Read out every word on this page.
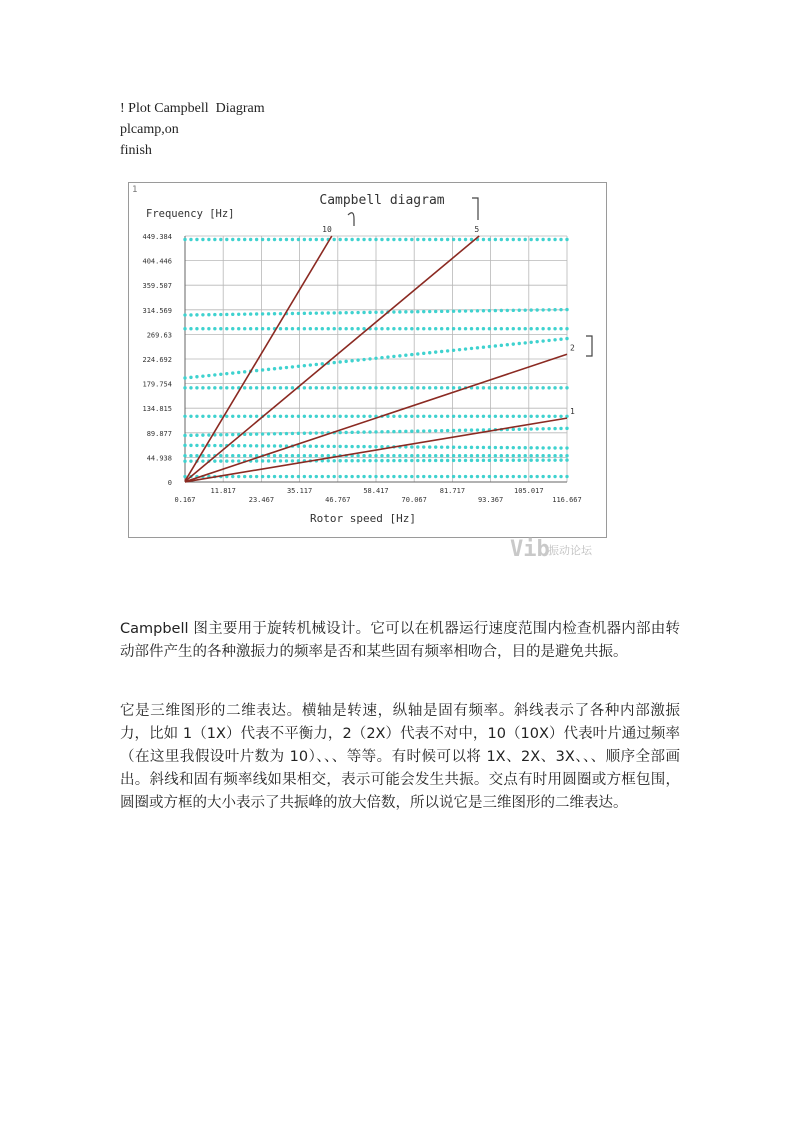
! Plot Campbell  Diagram
plcamp,on
finish
1
Campbell diagram
Frequency [Hz]
Rotor speed [Hz]
1
2
5
10
0
44.938
89.877
134.815
179.754
224.692
269.63
314.569
359.507
404.446
449.384
0.167
11.817
23.467
35.117
46.767
58.417
70.067
81.717
93.367
105.017
116.667
Vib
振动论坛
Campbell 图主要用于旋转机械设计。它可以在机器运行速度范围内检查机器内部由转动部件产生的各种激振力的频率是否和某些固有频率相吻合，目的是避免共振。
它是三维图形的二维表达。横轴是转速，纵轴是固有频率。斜线表示了各种内部激振力，比如 1（1X）代表不平衡力，2（2X）代表不对中，10（10X）代表叶片通过频率（在这里我假设叶片数为 10）、、、等等。有时候可以将 1X、2X、3X、、、顺序全部画出。斜线和固有频率线如果相交，表示可能会发生共振。交点有时用圆圈或方框包围，圆圈或方框的大小表示了共振峰的放大倍数，所以说它是三维图形的二维表达。
